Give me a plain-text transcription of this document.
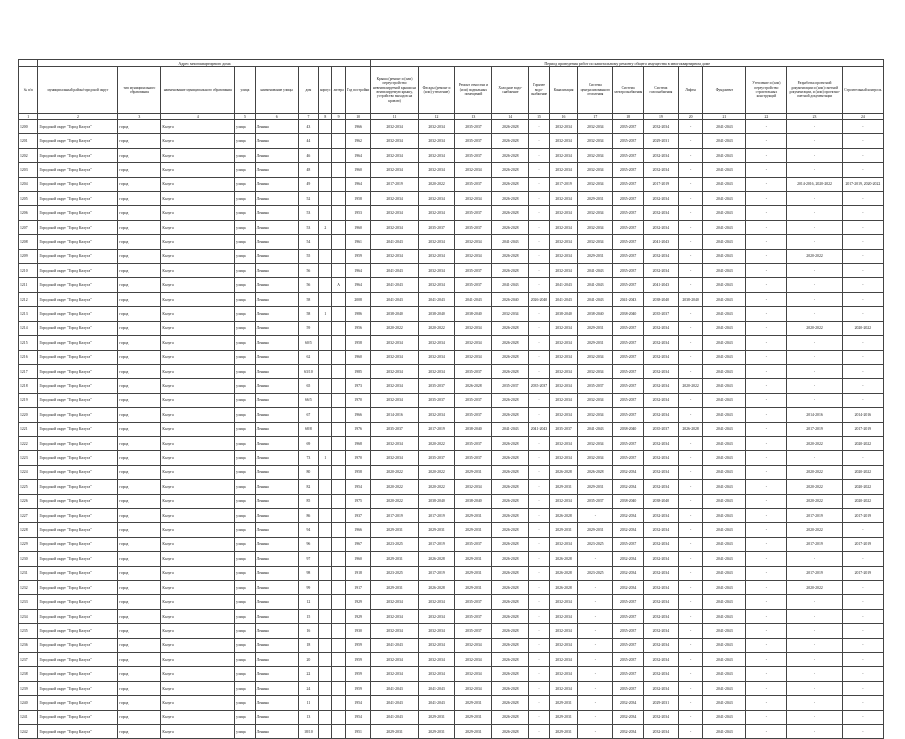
	Адрес многоквартирного дома									Период проведения работ по капитальному ремонту общего имущества в многоквартирном доме													
№ п/п	муниципальный район/городской округ	тип муниципального образования	наименование муниципального образования	улица	наименование улицы	дом	корпус	литера	Год постройки	Крыша (ремонт и (или) переустройство невентилируемой крыши на вентилируемую крышу, устройство выходов на кровлю)	Фасады (ремонт и (или) утепление)	Ремонт отмостки и (или) подвальных помещений	Холодное водо-снабжение	Горячее водо-снабжение	Канализация	Система централизованного отопления	Система электроснабжения	Система газоснабжения	Лифты	Фундамент	Утепление и (или) переустройство строительных конструкций	Разработка проектной документации и (или) сметной документации, и (или) проектно-сметной документации	Строительный контроль
1	2	3	4	5	6	7	8	9	10	11	12	13	14	15	16	17	18	19	20	21	22	23	24
1200	Городской округ "Город Калуга"	город	Калуга	улица	Ленина	43			1966	2032-2034	2032-2034	2035-2037	2026-2028	-	2032-2034	2032-2034	2035-2037	2032-2034	-	2041-2043	-	-	-
1201	Городской округ "Город Калуга"	город	Калуга	улица	Ленина	44			1962	2032-2034	2032-2034	2035-2037	2026-2028	-	2032-2034	2032-2034	2035-2037	2029-2031	-	2041-2043	-	-	-
1202	Городской округ "Город Калуга"	город	Калуга	улица	Ленина	46			1964	2032-2034	2032-2034	2035-2037	2026-2028	-	2032-2034	2032-2034	2035-2037	2032-2034	-	2041-2043	-	-	-
1203	Городской округ "Город Калуга"	город	Калуга	улица	Ленина	48			1960	2032-2034	2032-2034	2032-2034	2026-2028	-	2032-2034	2032-2034	2035-2037	2032-2034	-	2041-2043	-	-	-
1204	Городской округ "Город Калуга"	город	Калуга	улица	Ленина	49			1964	2017-2019	2020-2022	2035-2037	2026-2028	-	2017-2019	2032-2034	2035-2037	2017-2019	-	2041-2043	-	2014-2016, 2020-2022	2017-2019, 2020-2022
1205	Городской округ "Город Калуга"	город	Калуга	улица	Ленина	52			1958	2032-2034	2032-2034	2032-2034	2026-2028	-	2032-2034	2029-2031	2035-2037	2032-2034	-	2041-2043	-	-	-
1206	Городской округ "Город Калуга"	город	Калуга	улица	Ленина	53			1953	2032-2034	2032-2034	2035-2037	2026-2028	-	2032-2034	2032-2034	2035-2037	2032-2034	-	2041-2043	-	-	-
1207	Городской округ "Город Калуга"	город	Калуга	улица	Ленина	53	2		1960	2032-2034	2035-2037	2035-2037	2026-2028	-	2032-2034	2032-2034	2035-2037	2032-2034	-	2041-2043	-	-	-
1208	Городской округ "Город Калуга"	город	Калуга	улица	Ленина	54			1961	2041-2043	2032-2034	2032-2034	2041-2043	-	2032-2034	2032-2034	2035-2037	2041-2043	-	2041-2043	-	-	-
1209	Городской округ "Город Калуга"	город	Калуга	улица	Ленина	55			1959	2032-2034	2032-2034	2032-2034	2026-2028	-	2032-2034	2029-2031	2035-2037	2032-2034	-	2041-2043	-	2020-2022	-
1210	Городской округ "Город Калуга"	город	Калуга	улица	Ленина	56			1964	2041-2043	2032-2034	2035-2037	2026-2028	-	2032-2034	2041-2043	2035-2037	2032-2034	-	2041-2043	-	-	-
1211	Городской округ "Город Калуга"	город	Калуга	улица	Ленина	56		А	1964	2041-2043	2032-2034	2035-2037	2041-2043	-	2041-2043	2041-2043	2035-2037	2041-2043	-	2041-2043	-	-	-
1212	Городской округ "Город Калуга"	город	Калуга	улица	Ленина	58			2008	2041-2043	2041-2043	2041-2043	2026-2040	2026-2040	2041-2043	2041-2043	2041-2043	2038-2040	2038-2040	2041-2043	-	-	-
1213	Городской округ "Город Калуга"	город	Калуга	улица	Ленина	58	1		1986	2038-2040	2038-2040	2038-2040	2032-2034	-	2038-2040	2038-2040	2038-2040	2035-2037	-	2041-2043	-	-	-
1214	Городской округ "Город Калуга"	город	Калуга	улица	Ленина	59			1956	2020-2022	2020-2022	2032-2034	2026-2028	-	2032-2034	2029-2031	2035-2037	2032-2034	-	2041-2043	-	2020-2022	2020-2022
1215	Городской округ "Город Калуга"	город	Калуга	улица	Ленина	60/5			1958	2032-2034	2032-2034	2032-2034	2026-2028	-	2032-2034	2029-2031	2035-2037	2032-2034	-	2041-2043	-	-	-
1216	Городской округ "Город Калуга"	город	Калуга	улица	Ленина	62			1960	2032-2034	2032-2034	2032-2034	2026-2028	-	2032-2034	2032-2034	2035-2037	2032-2034	-	2041-2043	-	-	-
1217	Городской округ "Город Калуга"	город	Калуга	улица	Ленина	63/10			1985	2032-2034	2032-2034	2035-2037	2026-2028	-	2032-2034	2032-2034	2035-2037	2032-2034	-	2041-2043	-	-	-
1218	Городской округ "Город Калуга"	город	Калуга	улица	Ленина	65			1973	2032-2034	2035-2037	2026-2028	2035-2037	2035-2037	2032-2034	2035-2037	2035-2037	2032-2034	2020-2022	2041-2043	-	-	-
1219	Городской округ "Город Калуга"	город	Калуга	улица	Ленина	66/5			1970	2032-2034	2035-2037	2035-2037	2026-2028	-	2032-2034	2032-2034	2035-2037	2032-2034	-	2041-2043	-	-	-
1220	Городской округ "Город Калуга"	город	Калуга	улица	Ленина	67			1966	2014-2016	2032-2034	2035-2037	2026-2028	-	2032-2034	2032-2034	2035-2037	2032-2034	-	2041-2043	-	2014-2016	2014-2016
1221	Городской округ "Город Калуга"	город	Калуга	улица	Ленина	68/8			1976	2035-2037	2017-2019	2038-2040	2041-2043	2041-2043	2035-2037	2041-2043	2038-2040	2035-2037	2026-2028	2041-2043	-	2017-2019	2017-2019
1222	Городской округ "Город Калуга"	город	Калуга	улица	Ленина	69			1968	2032-2034	2020-2022	2035-2037	2026-2028	-	2032-2034	2032-2034	2035-2037	2032-2034	-	2041-2043	-	2020-2022	2020-2022
1223	Городской округ "Город Калуга"	город	Калуга	улица	Ленина	73	1		1970	2032-2034	2035-2037	2035-2037	2026-2028	-	2032-2034	2032-2034	2035-2037	2032-2034	-	2041-2043	-	-	-
1224	Городской округ "Город Калуга"	город	Калуга	улица	Ленина	80			1958	2020-2022	2020-2022	2029-2031	2026-2028	-	2026-2028	2026-2028	2032-2034	2032-2034	-	2041-2043	-	2020-2022	2020-2022
1225	Городской округ "Город Калуга"	город	Калуга	улица	Ленина	82			1954	2020-2022	2020-2022	2032-2034	2026-2028	-	2029-2031	2029-2031	2032-2034	2032-2034	-	2041-2043	-	2020-2022	2020-2022
1226	Городской округ "Город Калуга"	город	Калуга	улица	Ленина	85			1975	2020-2022	2038-2040	2038-2040	2026-2028	-	2032-2034	2035-2037	2038-2040	2038-2040	-	2041-2043	-	2020-2022	2020-2022
1227	Городской округ "Город Калуга"	город	Калуга	улица	Ленина	86			1937	2017-2019	2017-2019	2029-2031	2026-2028	-	2026-2028	-	2032-2034	2032-2034	-	2041-2043	-	2017-2019	2017-2019
1228	Городской округ "Город Калуга"	город	Калуга	улица	Ленина	94			1966	2029-2031	2029-2031	2029-2031	2026-2028	-	2029-2031	2029-2031	2032-2034	2032-2034	-	2041-2043	-	2020-2022	-
1229	Городской округ "Город Калуга"	город	Калуга	улица	Ленина	96			1967	2023-2025	2017-2019	2035-2037	2026-2028	-	2032-2034	2023-2025	2035-2037	2032-2034	-	2041-2043	-	2017-2019	2017-2019
1230	Городской округ "Город Калуга"	город	Калуга	улица	Ленина	97			1960	2029-2031	2026-2028	2029-2031	2026-2028	-	2026-2028	-	2032-2034	2032-2034	-	2041-2043	-	-	-
1231	Городской округ "Город Калуга"	город	Калуга	улица	Ленина	98			1918	2023-2025	2017-2019	2029-2031	2026-2028	-	2026-2028	2023-2025	2032-2034	2032-2034	-	2041-2043	-	2017-2019	2017-2019
1232	Городской округ "Город Калуга"	город	Калуга	улица	Ленина	99			1917	2029-2031	2026-2028	2029-2031	2026-2028	-	2026-2028	-	2032-2034	2032-2034	-	2041-2043	-	2020-2022	-
1233	Городской округ "Город Калуга"	город	Калуга	улица	Ленина	12			1929	2032-2034	2032-2034	2035-2037	2026-2028	-	2032-2034	-	2035-2037	2032-2034	-	2041-2043	-	-	-
1234	Городской округ "Город Калуга"	город	Калуга	улица	Ленина	15			1929	2032-2034	2032-2034	2035-2037	2026-2028	-	2032-2034	-	2035-2037	2032-2034	-	2041-2043	-	-	-
1235	Городской округ "Город Калуга"	город	Калуга	улица	Ленина	16			1930	2032-2034	2032-2034	2035-2037	2026-2028	-	2032-2034	-	2035-2037	2032-2034	-	2041-2043	-	-	-
1236	Городской округ "Город Калуга"	город	Калуга	улица	Ленина	18			1959	2041-2043	2032-2034	2032-2034	2026-2028	-	2032-2034	-	2035-2037	2032-2034	-	2041-2043	-	-	-
1237	Городской округ "Город Калуга"	город	Калуга	улица	Ленина	20			1959	2032-2034	2032-2034	2032-2034	2026-2028	-	2032-2034	-	2035-2037	2032-2034	-	2041-2043	-	-	-
1238	Городской округ "Город Калуга"	город	Калуга	улица	Ленина	22			1959	2032-2034	2032-2034	2032-2034	2026-2028	-	2032-2034	-	2035-2037	2032-2034	-	2041-2043	-	-	-
1239	Городской округ "Город Калуга"	город	Калуга	улица	Ленина	24			1959	2041-2043	2041-2043	2032-2034	2026-2028	-	2032-2034	-	2035-2037	2032-2034	-	2041-2043	-	-	-
1240	Городской округ "Город Калуга"	город	Калуга	улица	Ленина	11			1954	2041-2043	2041-2043	2029-2031	2026-2028	-	2029-2031	-	2032-2034	2029-2031	-	2041-2043	-	-	-
1241	Городской округ "Город Калуга"	город	Калуга	улица	Ленина	13			1954	2041-2043	2029-2031	2029-2031	2026-2028	-	2029-2031	-	2032-2034	2032-2034	-	2041-2043	-	-	-
1242	Городской округ "Город Калуга"	город	Калуга	улица	Ленина	18/10			1951	2029-2031	2029-2031	2029-2031	2026-2028	-	2029-2031	-	2032-2034	2032-2034	-	2041-2043	-	-	-
